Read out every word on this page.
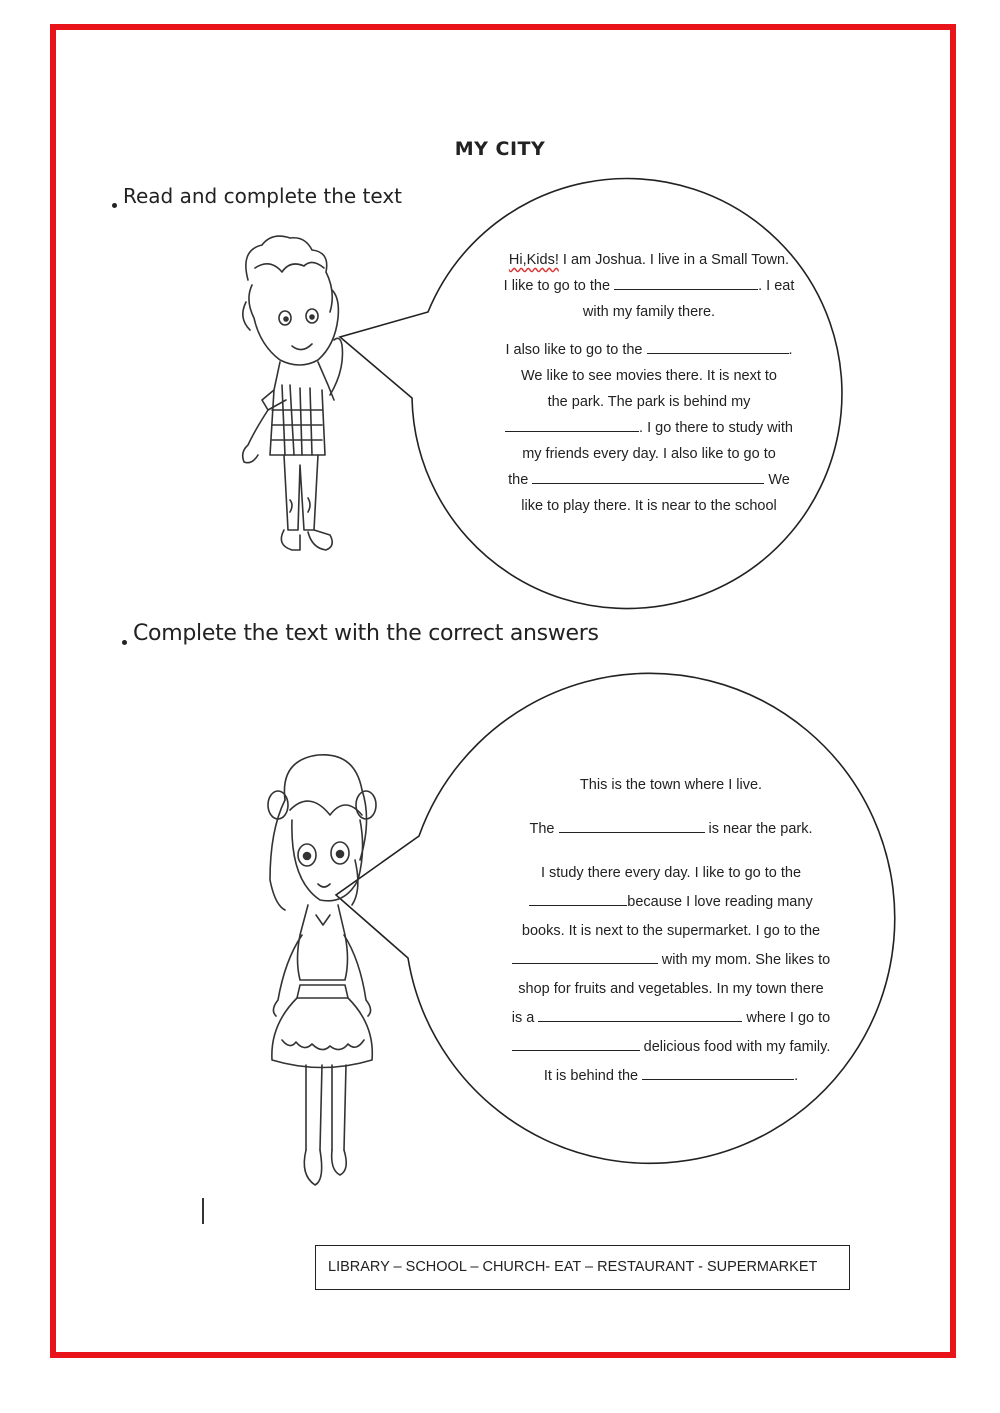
MY CITY
Read and complete the text
Complete the text with the correct answers

Hi,Kids! I am Joshua. I live in a Small Town.

I like to go to the	. I eat

with my family there.

I also like to go to the	.

We like to see movies there. It is next to

the park. The park is behind my

. I go there to study with

my friends every day. I also like to go to

the	We

like to play there. It is near to the school

This is the town where I live.

The	is near the park.

I study there every day. I like to go to the

because I love reading many

books. It is next to the supermarket. I go to the

with my mom. She likes to

shop for fruits and vegetables. In my town there

is a	where I go to

delicious food with my family.

It is behind the	.

LIBRARY – SCHOOL – CHURCH- EAT – RESTAURANT - SUPERMARKET
